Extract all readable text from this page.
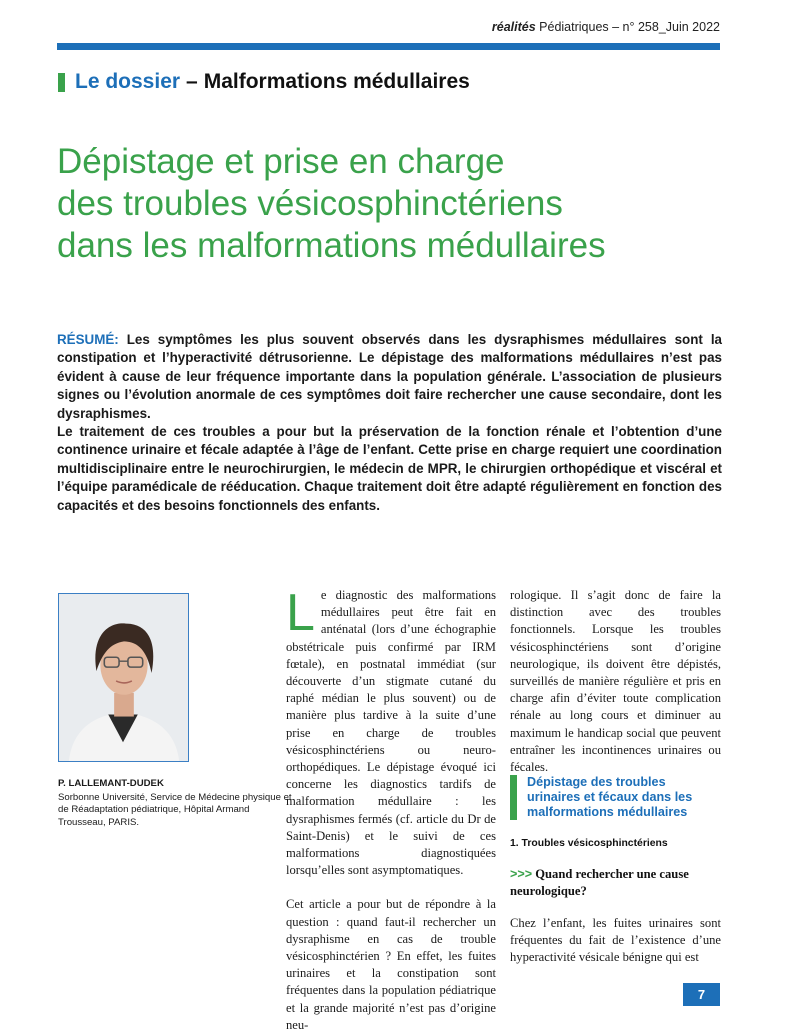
réalités Pédiatriques – n° 258_Juin 2022
Le dossier – Malformations médullaires
Dépistage et prise en charge
des troubles vésicosphinctériens
dans les malformations médullaires

RÉSUMÉ: Les symptômes les plus souvent observés dans les dysraphismes médullaires sont la constipation et l’hyperactivité détrusorienne. Le dépistage des malformations médullaires n’est pas évident à cause de leur fréquence importante dans la population générale. L’association de plusieurs signes ou l’évolution anormale de ces symptômes doit faire rechercher une cause secondaire, dont les dysraphismes.

Le traitement de ces troubles a pour but la préservation de la fonction rénale et l’obtention d’une continence urinaire et fécale adaptée à l’âge de l’enfant. Cette prise en charge requiert une coordination multidisciplinaire entre le neurochirurgien, le médecin de MPR, le chirurgien orthopédique et viscéral et l’équipe paramédicale de rééducation. Chaque traitement doit être adapté régulièrement en fonction des capacités et des besoins fonctionnels des enfants.

P. LALLEMANT-DUDEK
Sorbonne Université, Service de Médecine physique et de Réadaptation pédiatrique, Hôpital Armand Trousseau, PARIS.

Le diagnostic des malformations médullaires peut être fait en anténatal (lors d’une échographie obstétricale puis confirmé par IRM fœtale), en postnatal immédiat (sur découverte d’un stigmate cutané du raphé médian le plus souvent) ou de manière plus tardive à la suite d’une prise en charge de troubles vésicosphinctériens ou neuro-orthopédiques. Le dépistage évoqué ici concerne les diagnostics tardifs de malformation médullaire : les dysraphismes fermés (cf. article du Dr de Saint-Denis) et le suivi de ces malformations diagnostiquées lorsqu’elles sont asymptomatiques.

Cet article a pour but de répondre à la question : quand faut-il rechercher un dysraphisme en cas de trouble vésicosphinctérien ? En effet, les fuites urinaires et la constipation sont fréquentes dans la population pédiatrique et la grande majorité n’est pas d’origine neu-

rologique. Il s’agit donc de faire la distinction avec des troubles fonctionnels. Lorsque les troubles vésicosphinctériens sont d’origine neurologique, ils doivent être dépistés, surveillés de manière régulière et pris en charge afin d’éviter toute complication rénale au long cours et diminuer au maximum le handicap social que peuvent entraîner les incontinences urinaires ou fécales.

Dépistage des troubles urinaires et fécaux dans les malformations médullaires
1. Troubles vésicosphinctériens
>>> Quand rechercher une cause neurologique?

Chez l’enfant, les fuites urinaires sont fréquentes du fait de l’existence d’une hyperactivité vésicale bénigne qui est

7
